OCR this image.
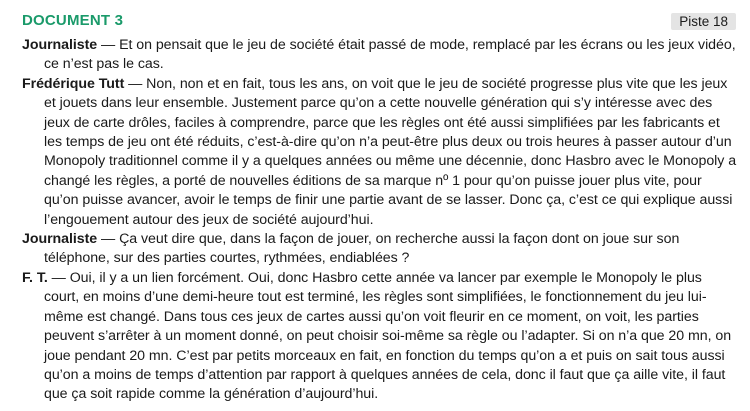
DOCUMENT 3	Piste 18

Journaliste — Et on pensait que le jeu de société était passé de mode, remplacé par les écrans ou les jeux vidéo, ce n’est pas le cas.

Frédérique Tutt — Non, non et en fait, tous les ans, on voit que le jeu de société progresse plus vite que les jeux et jouets dans leur ensemble. Justement parce qu’on a cette nouvelle génération qui s’y intéresse avec des jeux de carte drôles, faciles à comprendre, parce que les règles ont été aussi simplifiées par les fabricants et les temps de jeu ont été réduits, c’est-à-dire qu’on n’a peut-être plus deux ou trois heures à passer autour d’un Monopoly traditionnel comme il y a quelques années ou même une décennie, donc Hasbro avec le Monopoly a changé les règles, a porté de nouvelles éditions de sa marque nº 1 pour qu’on puisse jouer plus vite, pour qu’on puisse avancer, avoir le temps de finir une partie avant de se lasser. Donc ça, c’est ce qui explique aussi l’engouement autour des jeux de société aujourd’hui.

Journaliste — Ça veut dire que, dans la façon de jouer, on recherche aussi la façon dont on joue sur son téléphone, sur des parties courtes, rythmées, endiablées ?

F. T. — Oui, il y a un lien forcément. Oui, donc Hasbro cette année va lancer par exemple le Monopoly le plus court, en moins d’une demi-heure tout est terminé, les règles sont simplifiées, le fonctionnement du jeu lui-même est changé. Dans tous ces jeux de cartes aussi qu’on voit fleurir en ce moment, on voit, les parties peuvent s’arrêter à un moment donné, on peut choisir soi-même sa règle ou l’adapter. Si on n’a que 20 mn, on joue pendant 20 mn. C’est par petits morceaux en fait, en fonction du temps qu’on a et puis on sait tous aussi qu’on a moins de temps d’attention par rapport à quelques années de cela, donc il faut que ça aille vite, il faut que ça soit rapide comme la génération d’aujourd’hui.
